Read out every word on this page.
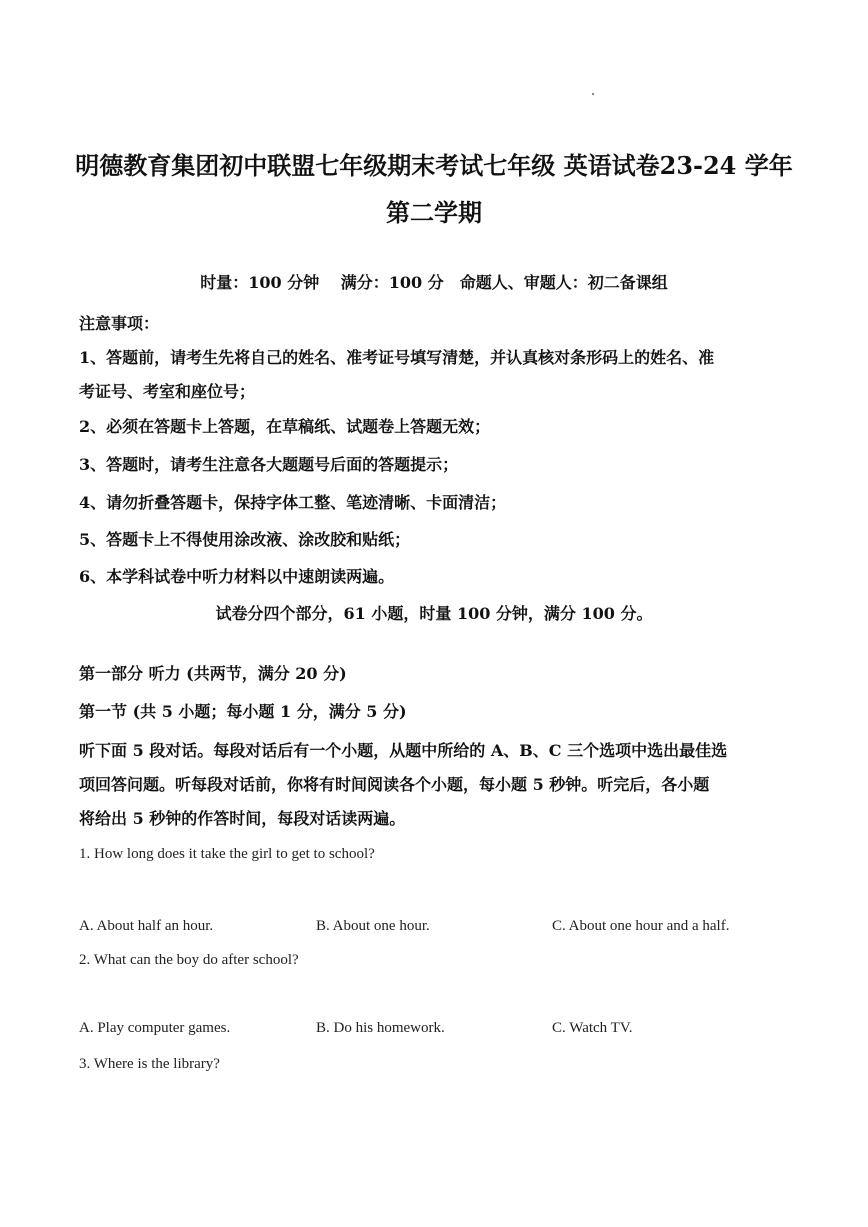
明德教育集团初中联盟七年级期末考试七年级 英语试卷23-24 学年
第二学期
时量：100 分钟　 满分：100 分　命题人、审题人：初二备课组
注意事项：
1、答题前，请考生先将自己的姓名、准考证号填写清楚，并认真核对条形码上的姓名、准
考证号、考室和座位号；
2、必须在答题卡上答题，在草稿纸、试题卷上答题无效；
3、答题时，请考生注意各大题题号后面的答题提示；
4、请勿折叠答题卡，保持字体工整、笔迹清晰、卡面清洁；
5、答题卡上不得使用涂改液、涂改胶和贴纸；
6、本学科试卷中听力材料以中速朗读两遍。
试卷分四个部分，61 小题，时量 100 分钟，满分 100 分。
第一部分 听力 (共两节，满分 20 分)
第一节 (共 5 小题；每小题 1 分，满分 5 分)
听下面 5 段对话。每段对话后有一个小题，从题中所给的 A、B、C 三个选项中选出最佳选
项回答问题。听每段对话前，你将有时间阅读各个小题，每小题 5 秒钟。听完后，各小题
将给出 5 秒钟的作答时间，每段对话读两遍。
1. How long does it take the girl to get to school?
A. About half an hour.	B. About one hour.	C. About one hour and a half.
2. What can the boy do after school?
A. Play computer games.	B. Do his homework.	C. Watch TV.
3. Where is the library?
